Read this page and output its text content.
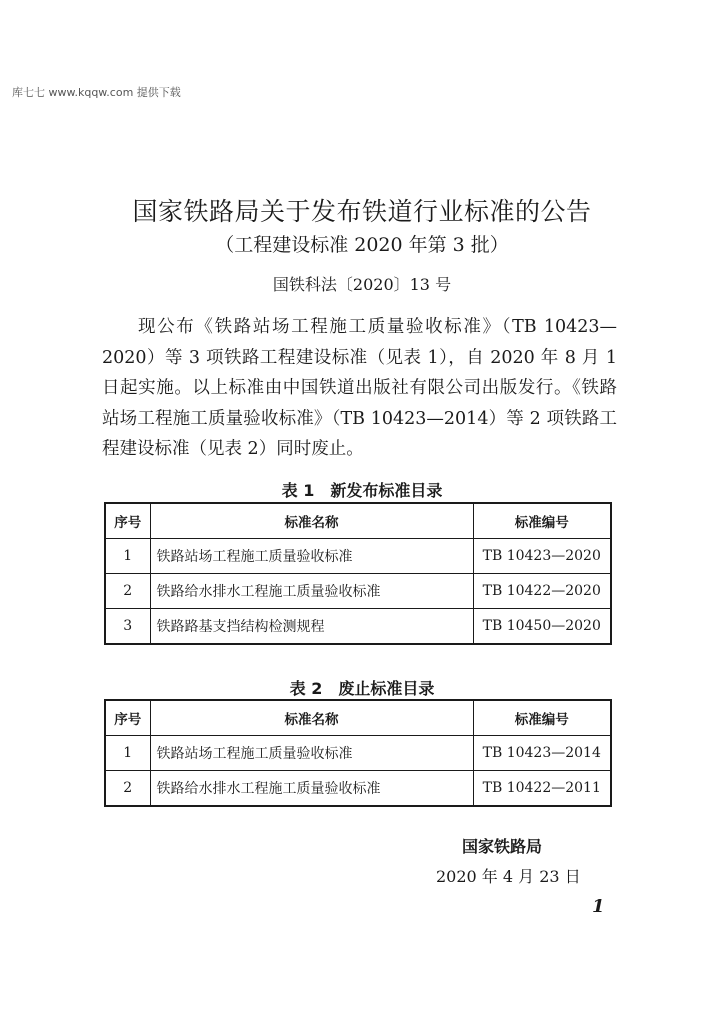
库七七 www.kqqw.com 提供下载
国家铁路局关于发布铁道行业标准的公告
（工程建设标准 2020 年第 3 批）
国铁科法〔2020〕13 号

现公布《铁路站场工程施工质量验收标准》（TB 10423—2020）等 3 项铁路工程建设标准（见表 1），自 2020 年 8 月 1 日起实施。以上标准由中国铁道出版社有限公司出版发行。《铁路站场工程施工质量验收标准》（TB 10423—2014）等 2 项铁路工程建设标准（见表 2）同时废止。

表 1　新发布标准目录
序号	标准名称	标准编号
1	铁路站场工程施工质量验收标准	TB 10423—2020
2	铁路给水排水工程施工质量验收标准	TB 10422—2020
3	铁路路基支挡结构检测规程	TB 10450—2020
表 2　废止标准目录
序号	标准名称	标准编号
1	铁路站场工程施工质量验收标准	TB 10423—2014
2	铁路给水排水工程施工质量验收标准	TB 10422—2011
国家铁路局
2020 年 4 月 23 日
1
